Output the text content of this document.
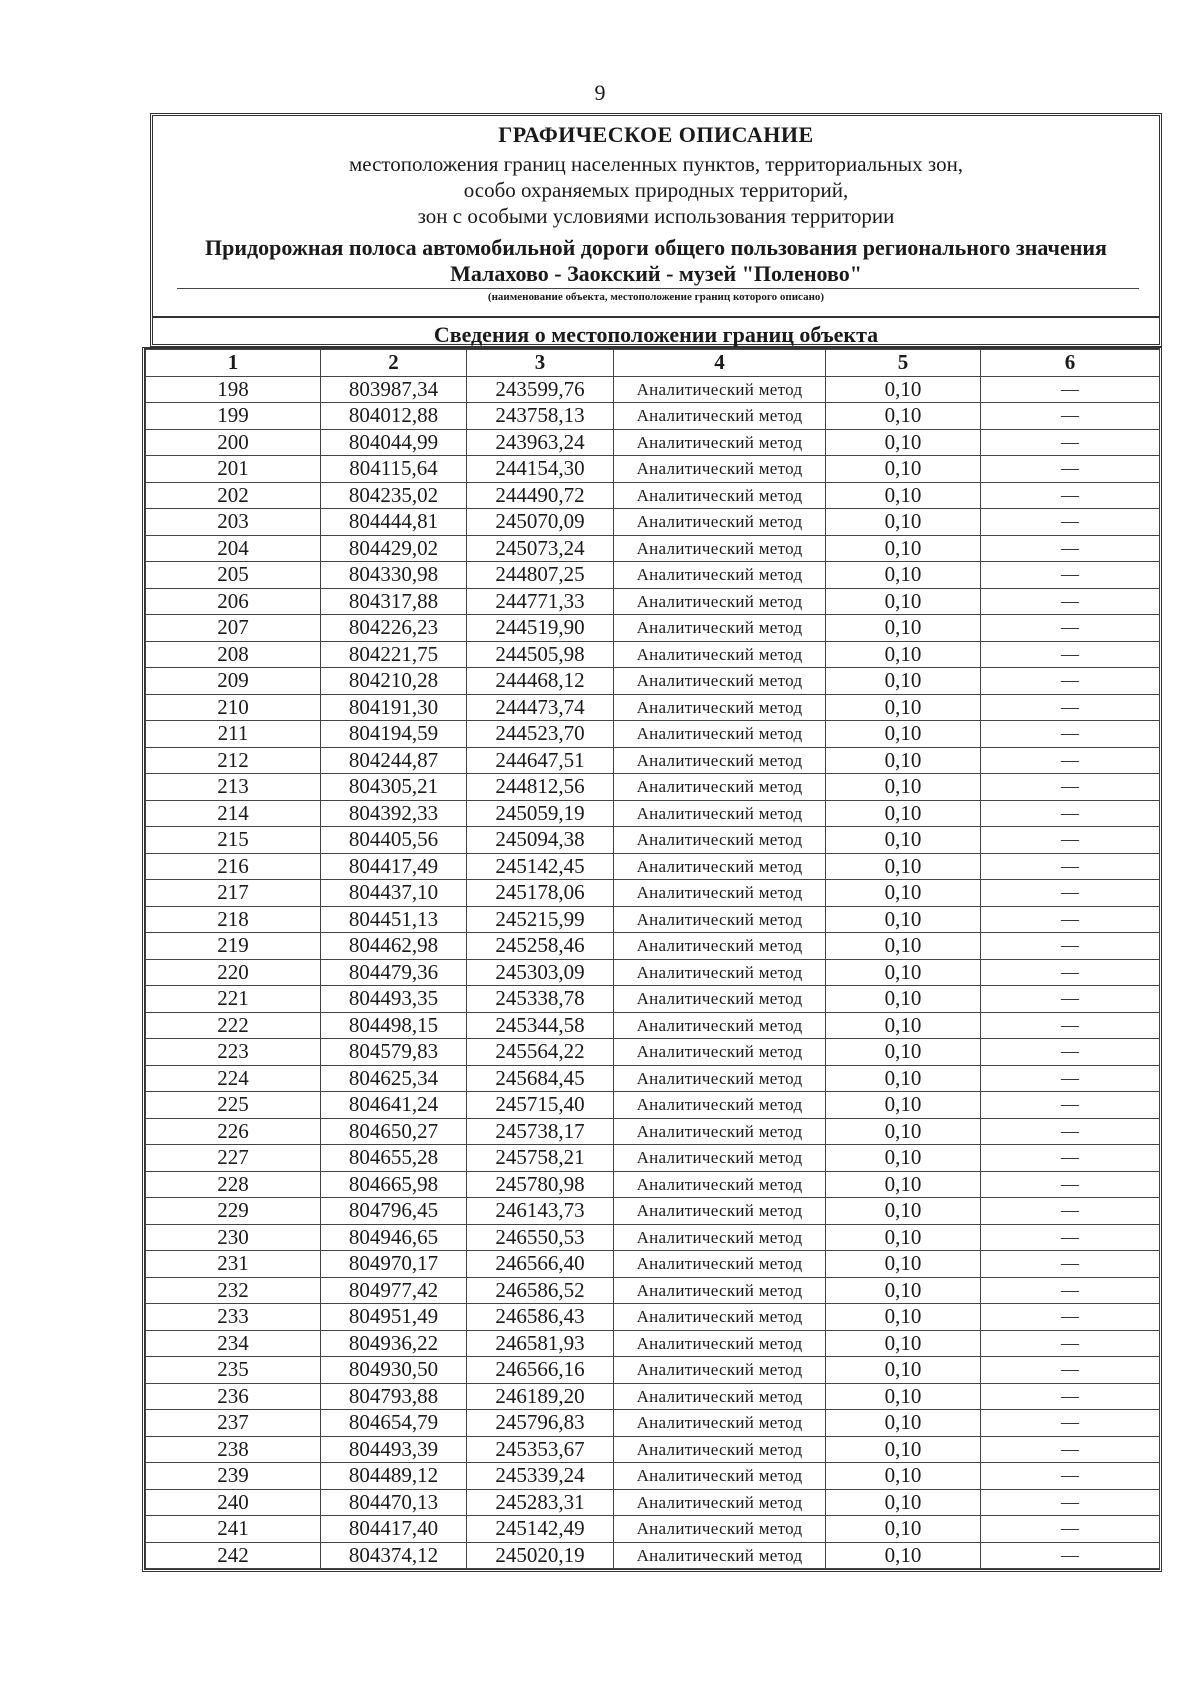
9
ГРАФИЧЕСКОЕ ОПИСАНИЕ
местоположения границ населенных пунктов, территориальных зон,
особо охраняемых природных территорий,
зон с особыми условиями использования территории
Придорожная полоса автомобильной дороги общего пользования регионального значения
Малахово - Заокский - музей "Поленово"
(наименование объекта, местоположение границ которого описано)
Сведения о местоположении границ объекта
1	2	3	4	5	6
198	803987,34	243599,76	Аналитический метод	0,10	—
199	804012,88	243758,13	Аналитический метод	0,10	—
200	804044,99	243963,24	Аналитический метод	0,10	—
201	804115,64	244154,30	Аналитический метод	0,10	—
202	804235,02	244490,72	Аналитический метод	0,10	—
203	804444,81	245070,09	Аналитический метод	0,10	—
204	804429,02	245073,24	Аналитический метод	0,10	—
205	804330,98	244807,25	Аналитический метод	0,10	—
206	804317,88	244771,33	Аналитический метод	0,10	—
207	804226,23	244519,90	Аналитический метод	0,10	—
208	804221,75	244505,98	Аналитический метод	0,10	—
209	804210,28	244468,12	Аналитический метод	0,10	—
210	804191,30	244473,74	Аналитический метод	0,10	—
211	804194,59	244523,70	Аналитический метод	0,10	—
212	804244,87	244647,51	Аналитический метод	0,10	—
213	804305,21	244812,56	Аналитический метод	0,10	—
214	804392,33	245059,19	Аналитический метод	0,10	—
215	804405,56	245094,38	Аналитический метод	0,10	—
216	804417,49	245142,45	Аналитический метод	0,10	—
217	804437,10	245178,06	Аналитический метод	0,10	—
218	804451,13	245215,99	Аналитический метод	0,10	—
219	804462,98	245258,46	Аналитический метод	0,10	—
220	804479,36	245303,09	Аналитический метод	0,10	—
221	804493,35	245338,78	Аналитический метод	0,10	—
222	804498,15	245344,58	Аналитический метод	0,10	—
223	804579,83	245564,22	Аналитический метод	0,10	—
224	804625,34	245684,45	Аналитический метод	0,10	—
225	804641,24	245715,40	Аналитический метод	0,10	—
226	804650,27	245738,17	Аналитический метод	0,10	—
227	804655,28	245758,21	Аналитический метод	0,10	—
228	804665,98	245780,98	Аналитический метод	0,10	—
229	804796,45	246143,73	Аналитический метод	0,10	—
230	804946,65	246550,53	Аналитический метод	0,10	—
231	804970,17	246566,40	Аналитический метод	0,10	—
232	804977,42	246586,52	Аналитический метод	0,10	—
233	804951,49	246586,43	Аналитический метод	0,10	—
234	804936,22	246581,93	Аналитический метод	0,10	—
235	804930,50	246566,16	Аналитический метод	0,10	—
236	804793,88	246189,20	Аналитический метод	0,10	—
237	804654,79	245796,83	Аналитический метод	0,10	—
238	804493,39	245353,67	Аналитический метод	0,10	—
239	804489,12	245339,24	Аналитический метод	0,10	—
240	804470,13	245283,31	Аналитический метод	0,10	—
241	804417,40	245142,49	Аналитический метод	0,10	—
242	804374,12	245020,19	Аналитический метод	0,10	—
